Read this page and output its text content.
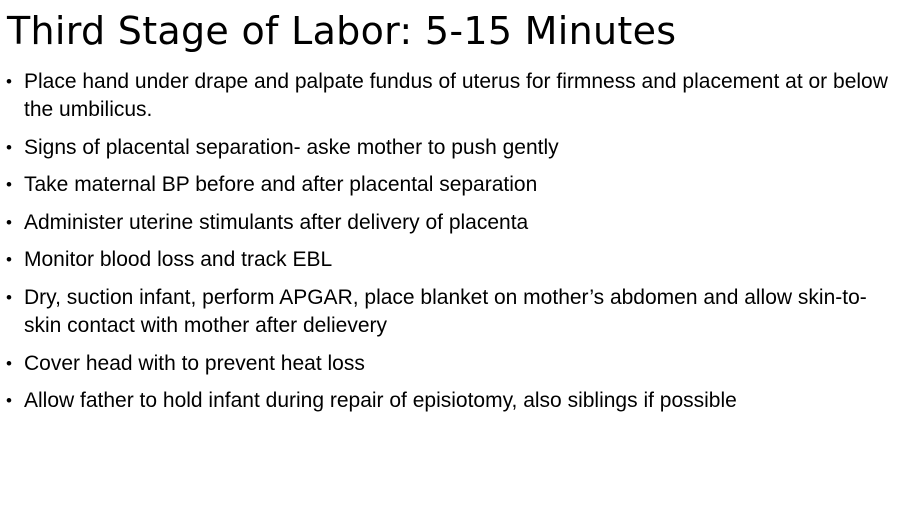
Third Stage of Labor: 5-15 Minutes
• Place hand under drape and palpate fundus of uterus for firmness and placement at or below the umbilicus.
• Signs of placental separation- aske mother to push gently
• Take maternal BP before and after placental separation
• Administer uterine stimulants after delivery of placenta
• Monitor blood loss and track EBL
• Dry, suction infant, perform APGAR, place blanket on mother’s abdomen and allow skin-to-skin contact with mother after delievery
• Cover head with to prevent heat loss
• Allow father to hold infant during repair of episiotomy, also siblings if possible
